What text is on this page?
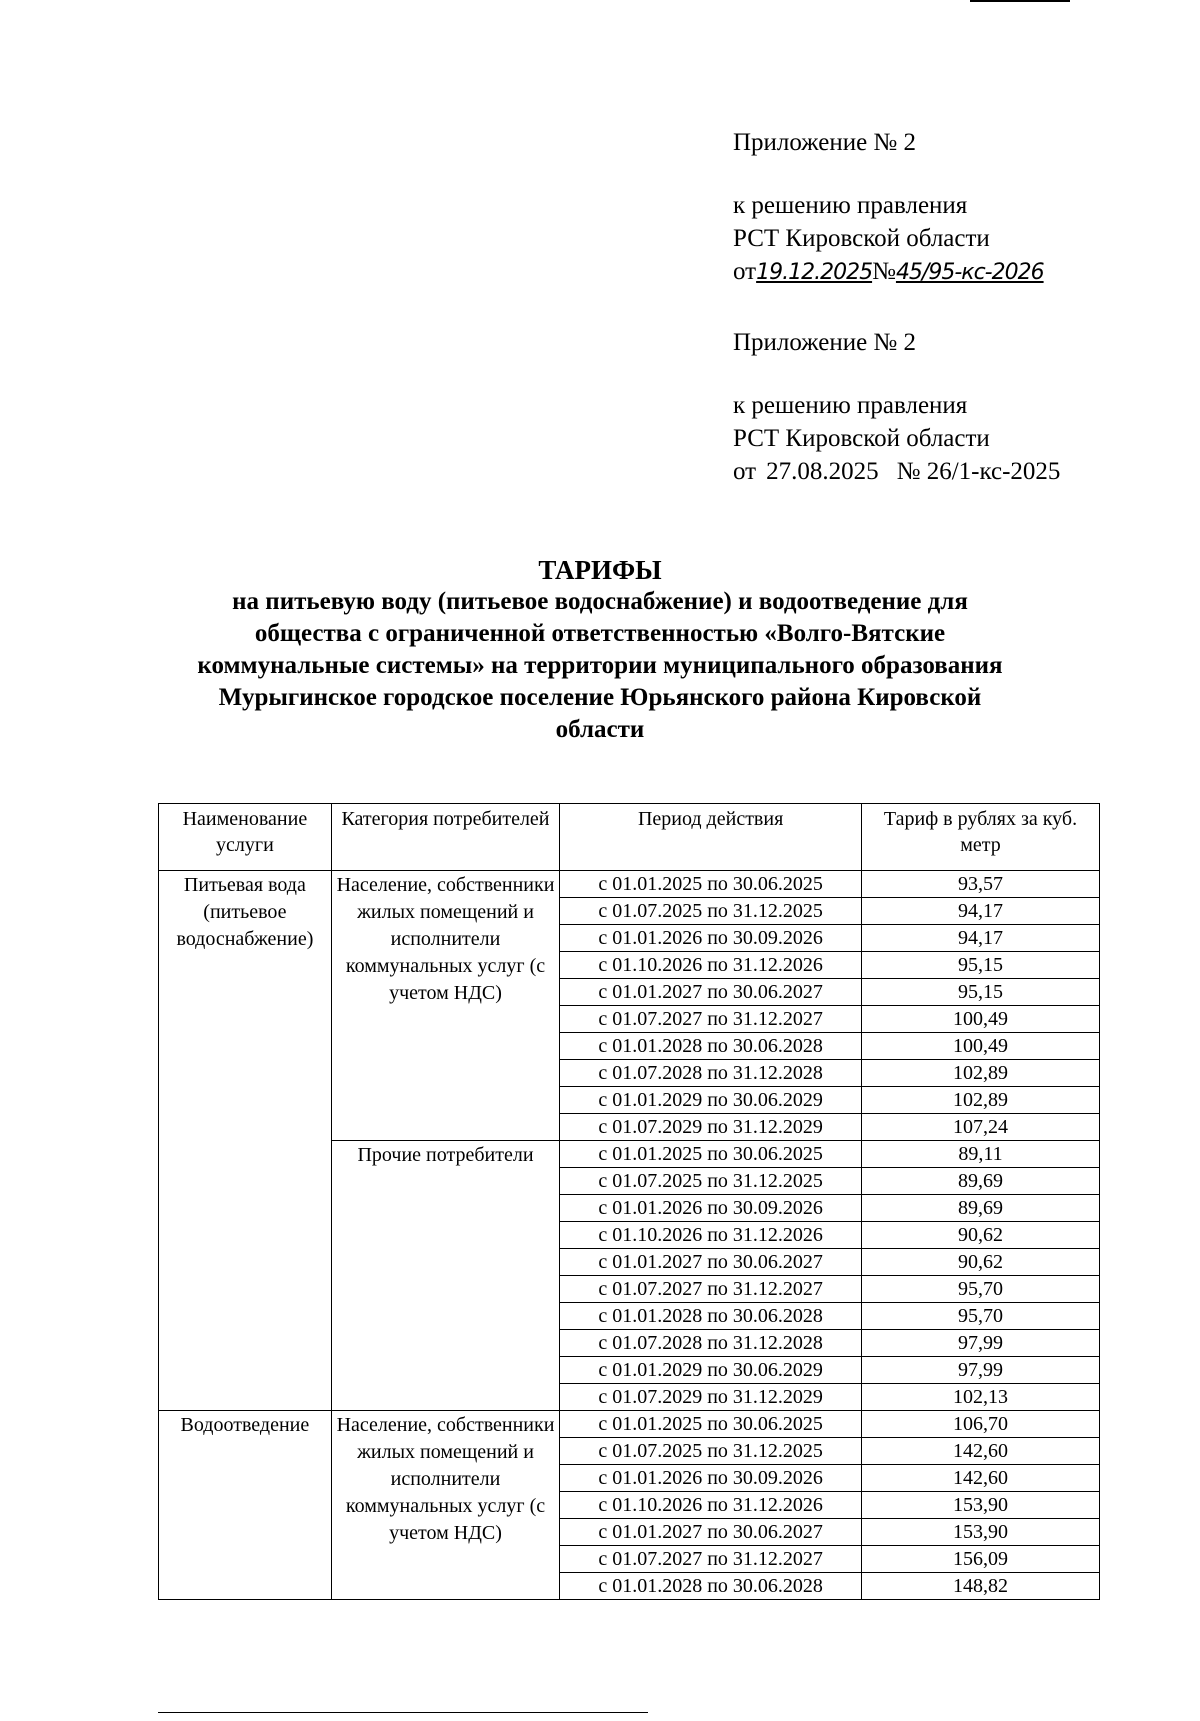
Приложение № 2
к решению правления
РСТ Кировской области
от19.12.2025№45/95-кс-2026
Приложение № 2
к решению правления
РСТ Кировской области
от 27.08.2025 № 26/1-кс-2025
ТАРИФЫ
на питьевую воду (питьевое водоснабжение) и водоотведение для
общества с ограниченной ответственностью «Волго-Вятские
коммунальные системы» на территории муниципального образования
Мурыгинское городское поселение Юрьянского района Кировской
области
Наименование услуги	Категория потребителей	Период действия	Тариф в рублях за куб. метр
Питьевая вода (питьевое водоснабжение)	Население, собственники жилых помещений и исполнители коммунальных услуг (с учетом НДС)	с 01.01.2025 по 30.06.2025	93,57
		с 01.07.2025 по 31.12.2025	94,17
		с 01.01.2026 по 30.09.2026	94,17
		с 01.10.2026 по 31.12.2026	95,15
		с 01.01.2027 по 30.06.2027	95,15
		с 01.07.2027 по 31.12.2027	100,49
		с 01.01.2028 по 30.06.2028	100,49
		с 01.07.2028 по 31.12.2028	102,89
		с 01.01.2029 по 30.06.2029	102,89
		с 01.07.2029 по 31.12.2029	107,24
	Прочие потребители	с 01.01.2025 по 30.06.2025	89,11
		с 01.07.2025 по 31.12.2025	89,69
		с 01.01.2026 по 30.09.2026	89,69
		с 01.10.2026 по 31.12.2026	90,62
		с 01.01.2027 по 30.06.2027	90,62
		с 01.07.2027 по 31.12.2027	95,70
		с 01.01.2028 по 30.06.2028	95,70
		с 01.07.2028 по 31.12.2028	97,99
		с 01.01.2029 по 30.06.2029	97,99
		с 01.07.2029 по 31.12.2029	102,13
Водоотведение	Население, собственники жилых помещений и исполнители коммунальных услуг (с учетом НДС)	с 01.01.2025 по 30.06.2025	106,70
		с 01.07.2025 по 31.12.2025	142,60
		с 01.01.2026 по 30.09.2026	142,60
		с 01.10.2026 по 31.12.2026	153,90
		с 01.01.2027 по 30.06.2027	153,90
		с 01.07.2027 по 31.12.2027	156,09
		с 01.01.2028 по 30.06.2028	148,82
